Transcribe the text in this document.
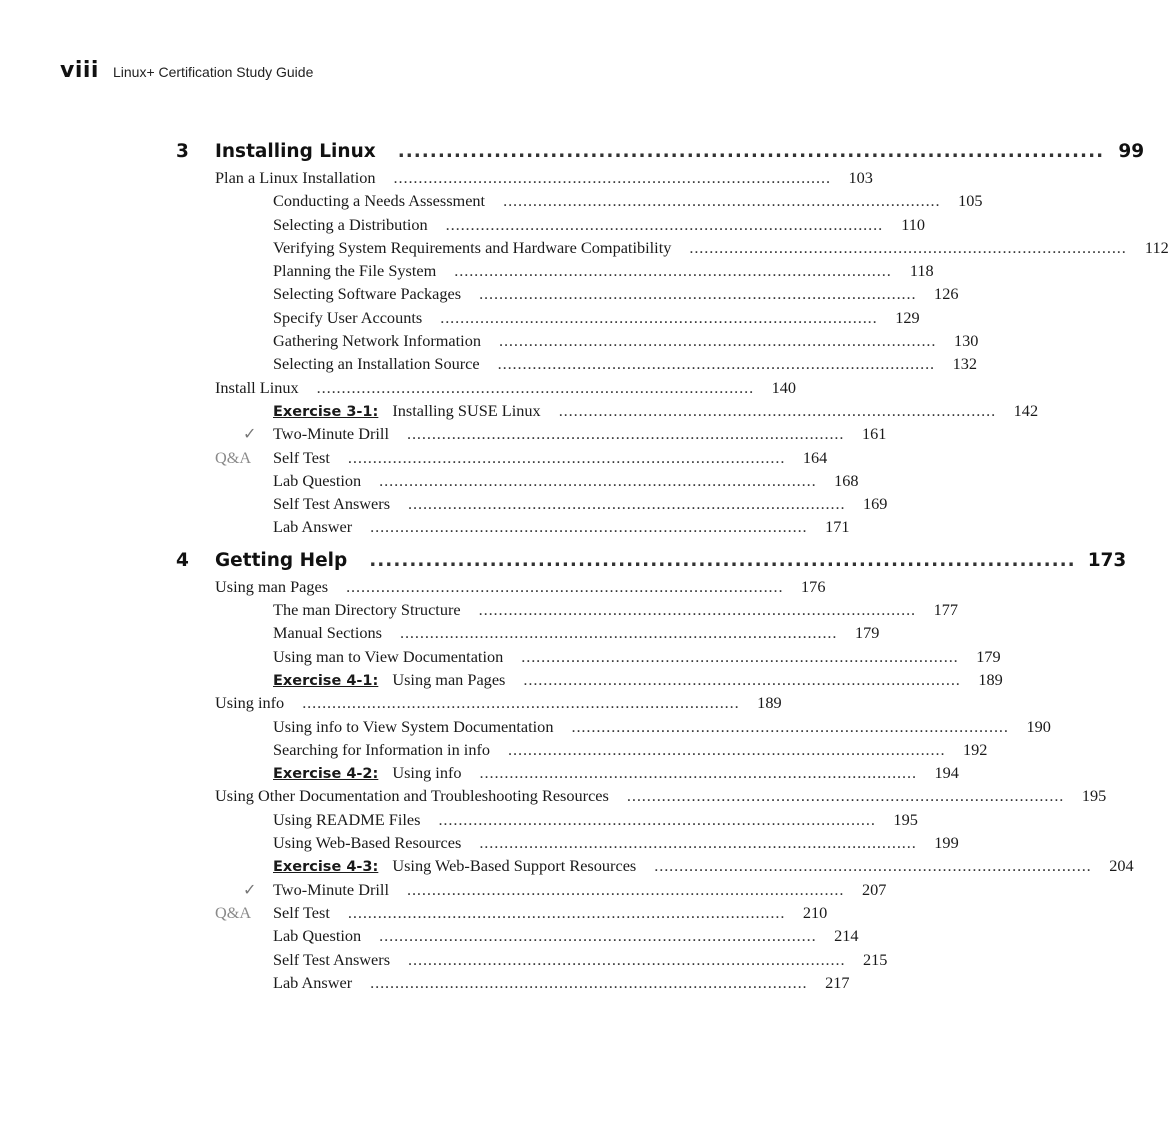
viii Linux+ Certification Study Guide
3 Installing Linux ........................................................................................ 99
Plan a Linux Installation ........................................................................................ 103
Conducting a Needs Assessment ........................................................................................ 105
Selecting a Distribution ........................................................................................ 110
Verifying System Requirements and Hardware Compatibility ........................................................................................ 112
Planning the File System ........................................................................................ 118
Selecting Software Packages ........................................................................................ 126
Specify User Accounts ........................................................................................ 129
Gathering Network Information ........................................................................................ 130
Selecting an Installation Source ........................................................................................ 132
Install Linux ........................................................................................ 140
Exercise 3-1: Installing SUSE Linux ........................................................................................ 142
✓	Two-Minute Drill ........................................................................................ 161
Q&A	Self Test ........................................................................................ 164
Lab Question ........................................................................................ 168
Self Test Answers ........................................................................................ 169
Lab Answer ........................................................................................ 171
4 Getting Help ........................................................................................ 173
Using man Pages ........................................................................................ 176
The man Directory Structure ........................................................................................ 177
Manual Sections ........................................................................................ 179
Using man to View Documentation ........................................................................................ 179
Exercise 4-1: Using man Pages ........................................................................................ 189
Using info ........................................................................................ 189
Using info to View System Documentation ........................................................................................ 190
Searching for Information in info ........................................................................................ 192
Exercise 4-2: Using info ........................................................................................ 194
Using Other Documentation and Troubleshooting Resources ........................................................................................ 195
Using README Files ........................................................................................ 195
Using Web-Based Resources ........................................................................................ 199
Exercise 4-3: Using Web-Based Support Resources ........................................................................................ 204
✓	Two-Minute Drill ........................................................................................ 207
Q&A	Self Test ........................................................................................ 210
Lab Question ........................................................................................ 214
Self Test Answers ........................................................................................ 215
Lab Answer ........................................................................................ 217
